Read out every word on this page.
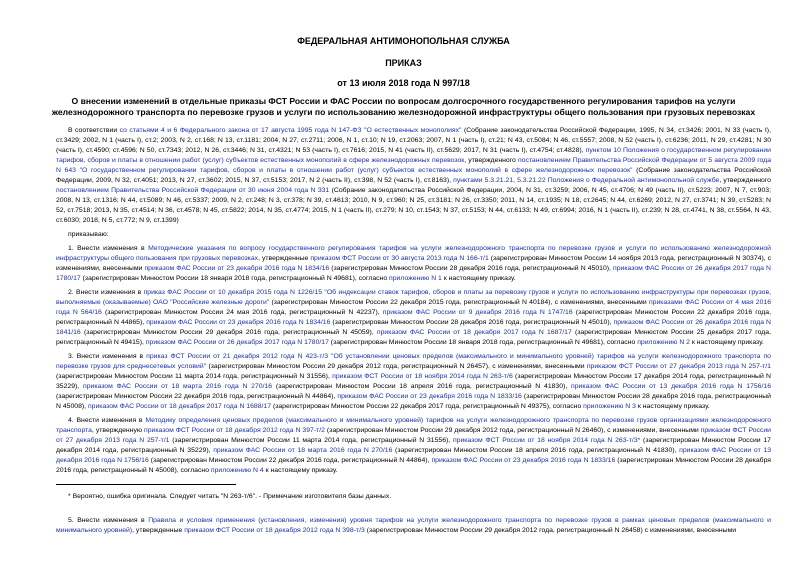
ФЕДЕРАЛЬНАЯ АНТИМОНОПОЛЬНАЯ СЛУЖБА
ПРИКАЗ
от 13 июля 2018 года N 997/18
О внесении изменений в отдельные приказы ФСТ России и ФАС России по вопросам долгосрочного государственного регулирования тарифов на услуги железнодорожного транспорта по перевозке грузов и услуги по использованию железнодорожной инфраструктуры общего пользования при грузовых перевозках

В соответствии со статьями 4 и 6 Федерального закона от 17 августа 1995 года N 147-ФЗ "О естественных монополиях" (Собрание законодательства Российской Федерации, 1995, N 34, ст.3426; 2001, N 33 (часть I), ст.3429; 2002, N 1 (часть I), ст.2; 2003, N 2, ст.168; N 13, ст.1181; 2004, N 27, ст.2711; 2006, N 1, ст.10; N 19, ст.2063; 2007, N 1 (часть I), ст.21; N 43, ст.5084; N 46, ст.5557; 2008, N 52 (часть I), ст.6236; 2011, N 29, ст.4281; N 30 (часть I), ст.4590; ст.4596; N 50, ст.7343; 2012, N 26, ст.3446; N 31, ст.4321; N 53 (часть I), ст.7616; 2015, N 41 (часть II), ст.5629; 2017, N 31 (часть I), ст.4754; ст.4828), пунктом 10 Положения о государственном регулировании тарифов, сборов и платы в отношении работ (услуг) субъектов естественных монополий в сфере железнодорожных перевозок, утвержденного постановлением Правительства Российской Федерации от 5 августа 2009 года N 643 "О государственном регулировании тарифов, сборов и платы в отношении работ (услуг) субъектов естественных монополий в сфере железнодорожных перевозок" (Собрание законодательства Российской Федерации, 2009, N 32, ст.4051; 2013, N 27, ст.3602; 2015, N 37, ст.5153; 2017, N 2 (часть II), ст.398, N 52 (часть I), ст.8163), пунктами 5.3.21.21, 5.3.21.22 Положения о Федеральной антимонопольной службе, утвержденного постановлением Правительства Российской Федерации от 30 июня 2004 года N 331 (Собрание законодательства Российской Федерации, 2004, N 31, ст.3259; 2006, N 45, ст.4706; N 49 (часть II), ст.5223; 2007, N 7, ст.903; 2008, N 13, ст.1316; N 44, ст.5089; N 46, ст.5337; 2009, N 2, ст.248; N 3, ст.378; N 39, ст.4613; 2010, N 9, ст.960; N 25, ст.3181; N 26, ст.3350; 2011, N 14, ст.1935; N 18, ст.2645; N 44, ст.6269; 2012, N 27, ст.3741; N 39, ст.5283; N 52, ст.7518; 2013, N 35, ст.4514; N 36, ст.4578; N 45, ст.5822; 2014, N 35, ст.4774; 2015, N 1 (часть II), ст.279; N 10, ст.1543; N 37, ст.5153; N 44, ст.6133; N 49, ст.6994; 2016, N 1 (часть II), ст.239; N 28, ст.4741, N 38, ст.5564, N 43, ст.6030; 2018, N 5, ст.772; N 9, ст.1399)

приказываю:

1. Внести изменения в Методические указания по вопросу государственного регулирования тарифов на услуги железнодорожного транспорта по перевозке грузов и услуги по использованию железнодорожной инфраструктуры общего пользования при грузовых перевозках, утвержденные приказом ФСТ России от 30 августа 2013 года N 166-т/1 (зарегистрирован Минюстом России 14 ноября 2013 года, регистрационный N 30374), с изменениями, внесенными приказом ФАС России от 23 декабря 2016 года N 1834/16 (зарегистрирован Минюстом России 28 декабря 2016 года, регистрационный N 45010), приказом ФАС России от 26 декабря 2017 года N 1780/17 (зарегистрирован Минюстом России 18 января 2018 года, регистрационный N 49681), согласно приложению N 1 к настоящему приказу.

2. Внести изменения в приказ ФАС России от 10 декабря 2015 года N 1226/15 "Об индексации ставок тарифов, сборов и платы за перевозку грузов и услуги по использованию инфраструктуры при перевозках грузов, выполняемые (оказываемые) ОАО "Российские железные дороги" (зарегистрирован Минюстом России 22 декабря 2015 года, регистрационный N 40184), с изменениями, внесенными приказами ФАС России от 4 мая 2016 года N 564/16 (зарегистрирован Минюстом России 24 мая 2016 года, регистрационный N 42237), приказом ФАС России от 9 декабря 2016 года N 1747/16 (зарегистрирован Минюстом России 22 декабря 2016 года, регистрационный N 44865), приказом ФАС России от 23 декабря 2016 года N 1834/16 (зарегистрирован Минюстом России 28 декабря 2016 года, регистрационный N 45010), приказом ФАС России от 26 декабря 2016 года N 1841/16 (зарегистрирован Минюстом России 29 декабря 2016 года, регистрационный N 45059), приказом ФАС России от 18 декабря 2017 года N 1687/17 (зарегистрирован Минюстом России 25 декабря 2017 года, регистрационный N 49415), приказом ФАС России от 26 декабря 2017 года N 1780/17 (зарегистрирован Минюстом России 18 января 2018 года, регистрационный N 49681), согласно приложению N 2 к настоящему приказу.

3. Внести изменения в приказ ФСТ России от 21 декабря 2012 года N 423-т/3 "Об установлении ценовых пределов (максимального и минимального уровней) тарифов на услуги железнодорожного транспорта по перевозке грузов для среднесетевых условий" (зарегистрирован Минюстом России 29 декабря 2012 года, регистрационный N 26457), с изменениями, внесенными приказом ФСТ России от 27 декабря 2013 года N 257-т/1 (зарегистрирован Минюстом России 11 марта 2014 года, регистрационный N 31556), приказом ФСТ России от 18 ноября 2014 года N 263-т/6 (зарегистрирован Минюстом России 17 декабря 2014 года, регистрационный N 35229), приказом ФАС России от 18 марта 2016 года N 270/16 (зарегистрирован Минюстом России 18 апреля 2016 года, регистрационный N 41830), приказом ФАС России от 13 декабря 2016 года N 1756/16 (зарегистрирован Минюстом России 22 декабря 2016 года, регистрационный N 44864), приказом ФАС России от 23 декабря 2016 года N 1833/16 (зарегистрирован Минюстом России 28 декабря 2016 года, регистрационный N 45008), приказом ФАС России от 18 декабря 2017 года N 1688/17 (зарегистрирован Минюстом России 22 декабря 2017 года, регистрационный N 49375), согласно приложению N 3 к настоящему приказу.

4. Внести изменения в Методику определения ценовых пределов (максимального и минимального уровней) тарифов на услуги железнодорожного транспорта по перевозке грузов организациями железнодорожного транспорта, утвержденную приказом ФСТ России от 18 декабря 2012 года N 397-т/2 (зарегистрирован Минюстом России 29 декабря 2012 года, регистрационный N 26460), с изменениями, внесенными приказом ФСТ России от 27 декабря 2013 года N 257-т/1 (зарегистрирован Минюстом России 11 марта 2014 года, регистрационный N 31556), приказом ФСТ России от 18 ноября 2014 года N 263-т/3* (зарегистрирован Минюстом России 17 декабря 2014 года, регистрационный N 35229), приказом ФАС России от 18 марта 2016 года N 270/16 (зарегистрирован Минюстом России 18 апреля 2016 года, регистрационный N 41830), приказом ФАС России от 13 декабря 2016 года N 1756/16 (зарегистрирован Минюстом России 22 декабря 2016 года, регистрационный N 44864), приказом ФАС России от 23 декабря 2016 года N 1833/16 (зарегистрирован Минюстом России 28 декабря 2016 года, регистрационный N 45008), согласно приложению N 4 к настоящему приказу.

* Вероятно, ошибка оригинала. Следует читать "N 263-т/6". - Примечание изготовителя базы данных.

5. Внести изменения в Правила и условия применения (установления, изменения) уровня тарифов на услуги железнодорожного транспорта по перевозке грузов в рамках ценовых пределов (максимального и минимального уровней), утвержденные приказом ФСТ России от 18 декабря 2012 года N 398-т/3 (зарегистрирован Минюстом России 29 декабря 2012 года, регистрационный N 26458) с изменениями, внесенными
